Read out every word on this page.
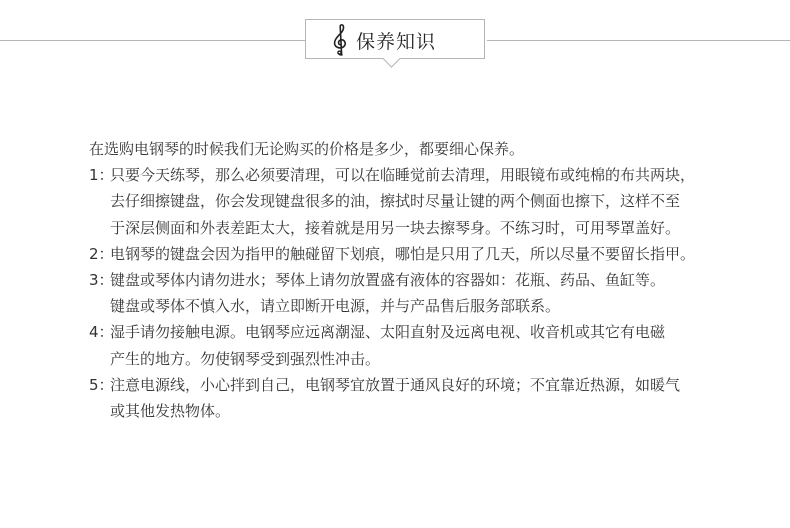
保养知识

在选购电钢琴的时候我们无论购买的价格是多少，都要细心保养。

1：
只要今天练琴，那么必须要清理，可以在临睡觉前去清理，用眼镜布或纯棉的布共两块，
去仔细擦键盘，你会发现键盘很多的油，擦拭时尽量让键的两个侧面也擦下，这样不至
于深层侧面和外表差距太大，接着就是用另一块去擦琴身。不练习时，可用琴罩盖好。
2：
电钢琴的键盘会因为指甲的触碰留下划痕，哪怕是只用了几天，所以尽量不要留长指甲。
3：
键盘或琴体内请勿进水；琴体上请勿放置盛有液体的容器如：花瓶、药品、鱼缸等。
键盘或琴体不慎入水，请立即断开电源，并与产品售后服务部联系。
4：
湿手请勿接触电源。电钢琴应远离潮湿、太阳直射及远离电视、收音机或其它有电磁
产生的地方。勿使钢琴受到强烈性冲击。
5：
注意电源线，小心拌到自己，电钢琴宜放置于通风良好的环境；不宜靠近热源，如暖气
或其他发热物体。
